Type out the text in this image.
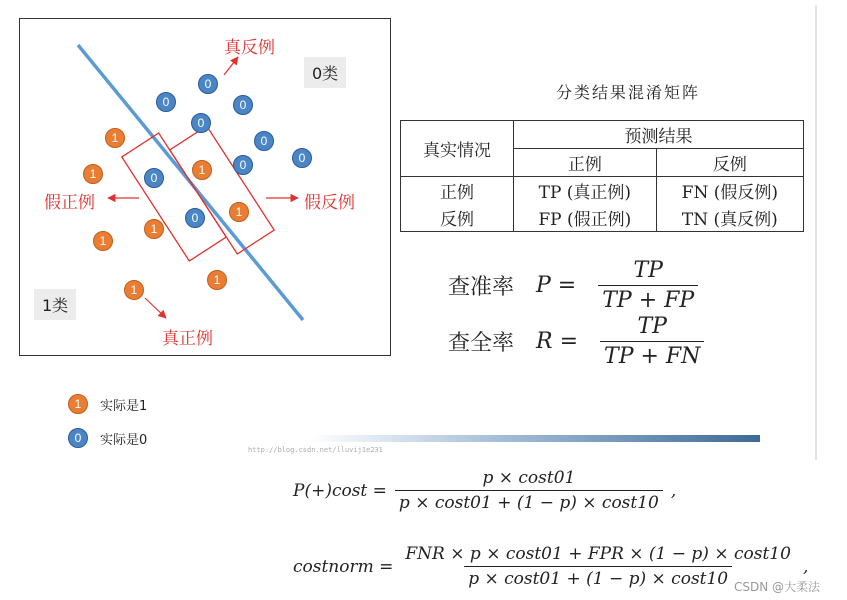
0类
1类
真反例
假正例	假反例
真正例
0
0	0
0
0
0
0
0
0
1
1	1
1
1
1
1
1
1	实际是1
0	实际是0
分类结果混淆矩阵
真实情况	预测结果	
	正例	反例
正例	TP (真正例)	FN (假反例)
反例	FP (假正例)	TN (真反例)
查准率 $P = \frac{TP}{TP + FP}$
查全率 $R = \frac{TP}{TP + FN}$
http://blog.csdn.net/lluvij1e231
$P(+)\cos t = \frac{p \times \cos t01}{p \times \cos t01 + (1 - p) \times \cos t10}$ ,
costnorm = $\frac{\text{FNR × p × cost01 + FPR × (1 − p) × cost10}}{p \times \cos t01 + (1 - p) \times \cos t10}$ ,
CSDN @大柔法
